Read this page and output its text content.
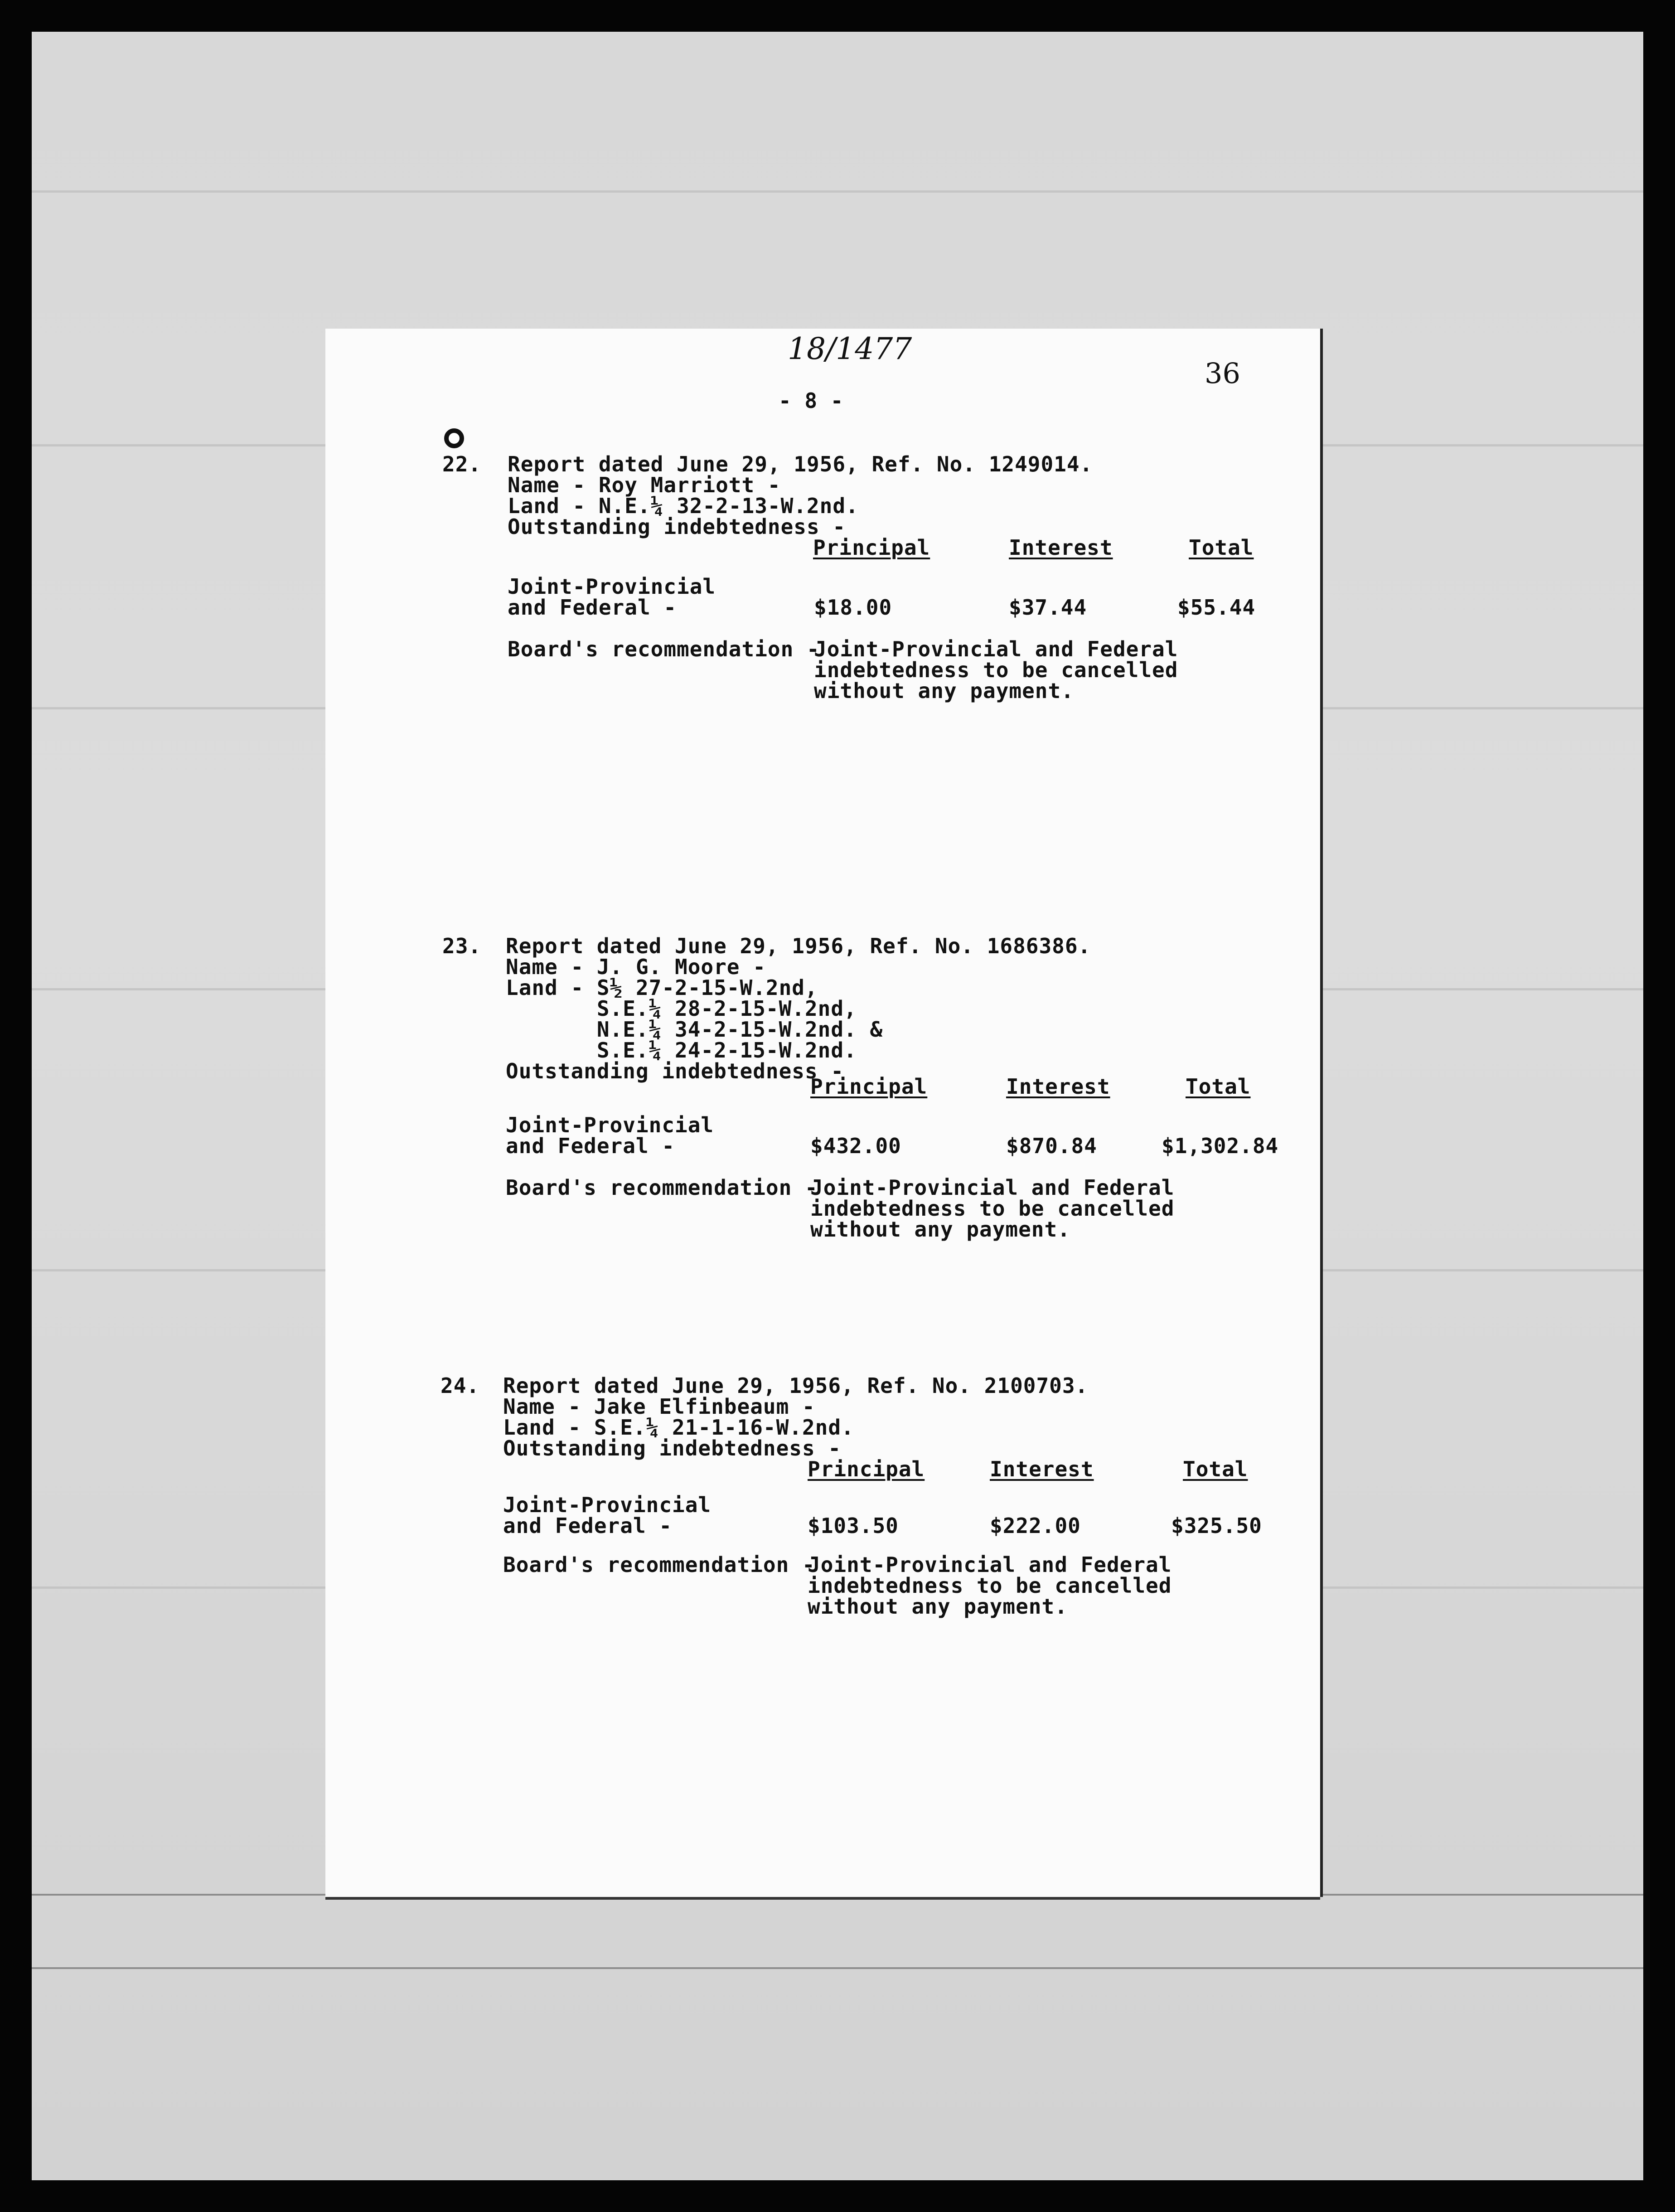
18/1477
36
- 8 -
22. Report dated June 29, 1956, Ref. No. 1249014.
Name - Roy Marriott -
Land - N.E.¼ 32-2-13-W.2nd.
Outstanding indebtedness -
Principal	Interest	Total
Joint-Provincial
and Federal -	$18.00	$37.44	$55.44
Board's recommendation -
Joint-Provincial and Federal
indebtedness to be cancelled
without any payment.
23. Report dated June 29, 1956, Ref. No. 1686386.
Name - J. G. Moore -
Land - S½ 27-2-15-W.2nd,
S.E.¼ 28-2-15-W.2nd,
N.E.¼ 34-2-15-W.2nd. &
S.E.¼ 24-2-15-W.2nd.
Outstanding indebtedness -
Principal	Interest	Total
Joint-Provincial
and Federal -	$432.00	$870.84	$1,302.84
Board's recommendation -
Joint-Provincial and Federal
indebtedness to be cancelled
without any payment.
24. Report dated June 29, 1956, Ref. No. 2100703.
Name - Jake Elfinbeaum -
Land - S.E.¼ 21-1-16-W.2nd.
Outstanding indebtedness -
Principal	Interest	Total
Joint-Provincial
and Federal -	$103.50	$222.00	$325.50
Board's recommendation -
Joint-Provincial and Federal
indebtedness to be cancelled
without any payment.
